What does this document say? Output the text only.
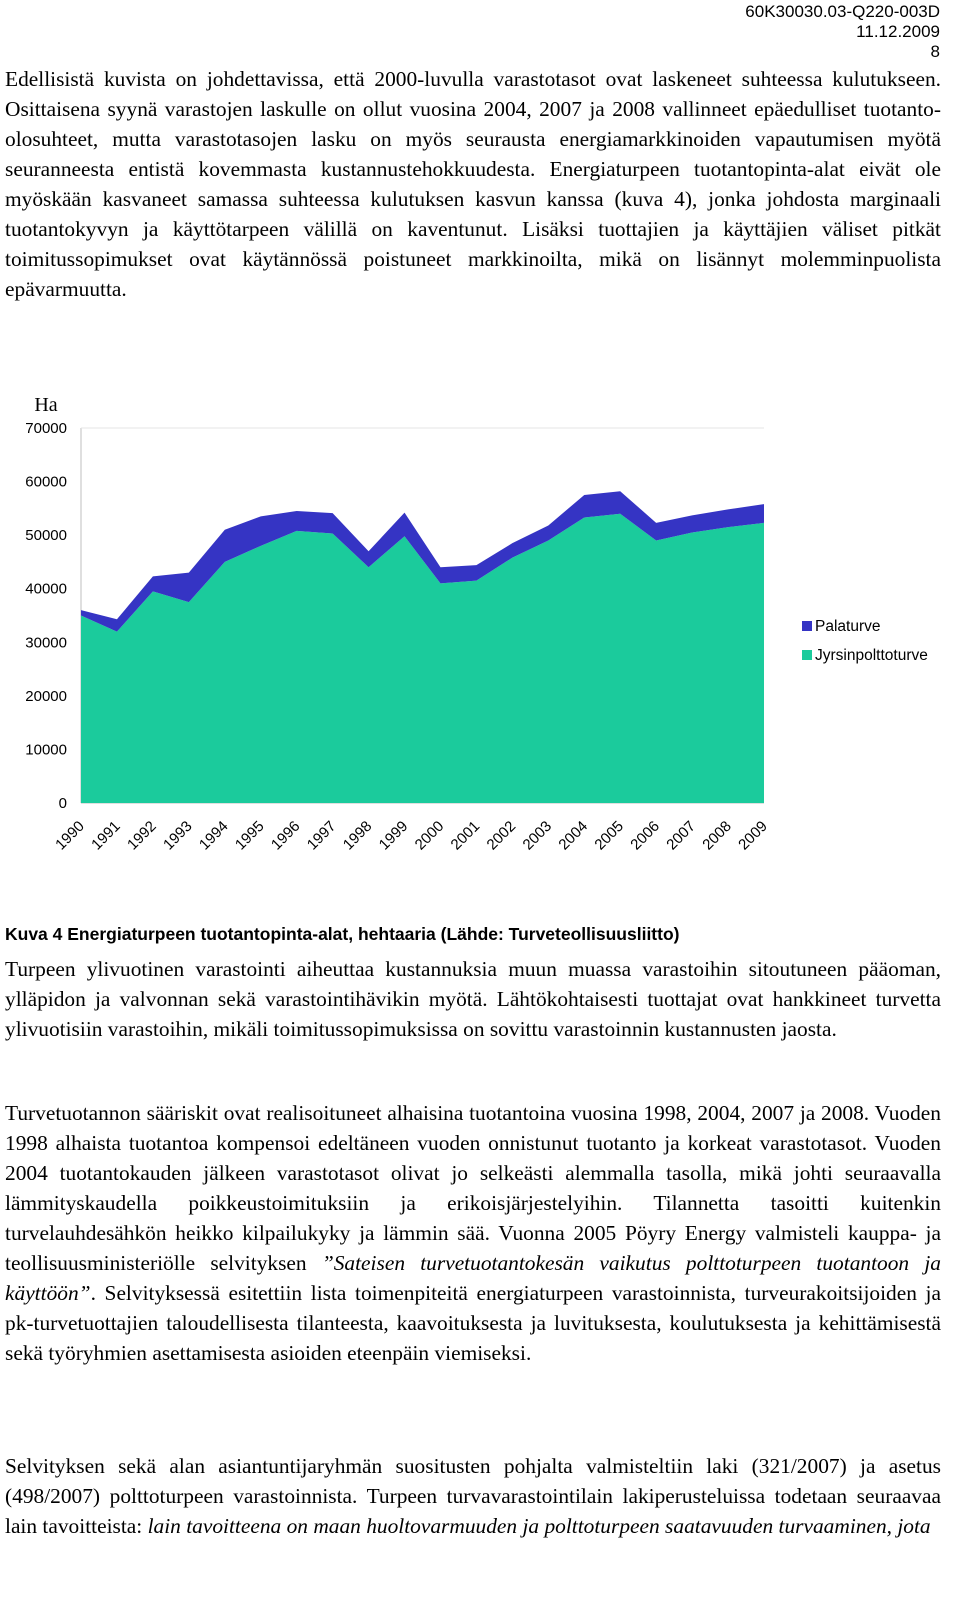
60K30030.03-Q220-003D
11.12.2009
8

Edellisistä kuvista on johdettavissa, että 2000-luvulla varastotasot ovat laskeneet suhteessa kulutukseen. Osittaisena syynä varastojen laskulle on ollut vuosina 2004, 2007 ja 2008 vallinneet epäedulliset tuotanto-olosuhteet, mutta varastotasojen lasku on myös seurausta energiamarkkinoiden vapautumisen myötä seuranneesta entistä kovemmasta kustannustehokkuudesta. Energiaturpeen tuotantopinta-alat eivät ole myöskään kasvaneet samassa suhteessa kulutuksen kasvun kanssa (kuva 4), jonka johdosta marginaali tuotantokyvyn ja käyttötarpeen välillä on kaventunut. Lisäksi tuottajien ja käyttäjien väliset pitkät toimitussopimukset ovat käytännössä poistuneet markkinoilta, mikä on lisännyt molemminpuolista epävarmuutta.

Ha
0
10000
20000
30000
40000
50000
60000
70000
1990 1991 1992 1993 1994 1995 1996 1997 1998 1999 2000 2001 2002 2003 2004 2005 2006 2007 2008 2009
Palaturve
Jyrsinpolttoturve

Kuva 4 Energiaturpeen tuotantopinta-alat, hehtaaria (Lähde: Turveteollisuusliitto)

Turpeen ylivuotinen varastointi aiheuttaa kustannuksia muun muassa varastoihin sitoutuneen pääoman, ylläpidon ja valvonnan sekä varastointihävikin myötä. Lähtökohtaisesti tuottajat ovat hankkineet turvetta ylivuotisiin varastoihin, mikäli toimitussopimuksissa on sovittu varastoinnin kustannusten jaosta.

Turvetuotannon sääriskit ovat realisoituneet alhaisina tuotantoina vuosina 1998, 2004, 2007 ja 2008. Vuoden 1998 alhaista tuotantoa kompensoi edeltäneen vuoden onnistunut tuotanto ja korkeat varastotasot. Vuoden 2004 tuotantokauden jälkeen varastotasot olivat jo selkeästi alemmalla tasolla, mikä johti seuraavalla lämmityskaudella poikkeustoimituksiin ja erikoisjärjestelyihin. Tilannetta tasoitti kuitenkin turvelauhdesähkön heikko kilpailukyky ja lämmin sää. Vuonna 2005 Pöyry Energy valmisteli kauppa- ja teollisuusministeriölle selvityksen ”Sateisen turvetuotantokesän vaikutus polttoturpeen tuotantoon ja käyttöön”. Selvityksessä esitettiin lista toimenpiteitä energiaturpeen varastoinnista, turveurakoitsijoiden ja pk-turvetuottajien taloudellisesta tilanteesta, kaavoituksesta ja luvituksesta, koulutuksesta ja kehittämisestä sekä työryhmien asettamisesta asioiden eteenpäin viemiseksi.

Selvityksen sekä alan asiantuntijaryhmän suositusten pohjalta valmisteltiin laki (321/2007) ja asetus (498/2007) polttoturpeen varastoinnista. Turpeen turvavarastointilain lakiperusteluissa todetaan seuraavaa lain tavoitteista: lain tavoitteena on maan huoltovarmuuden ja polttoturpeen saatavuuden turvaaminen, jota
